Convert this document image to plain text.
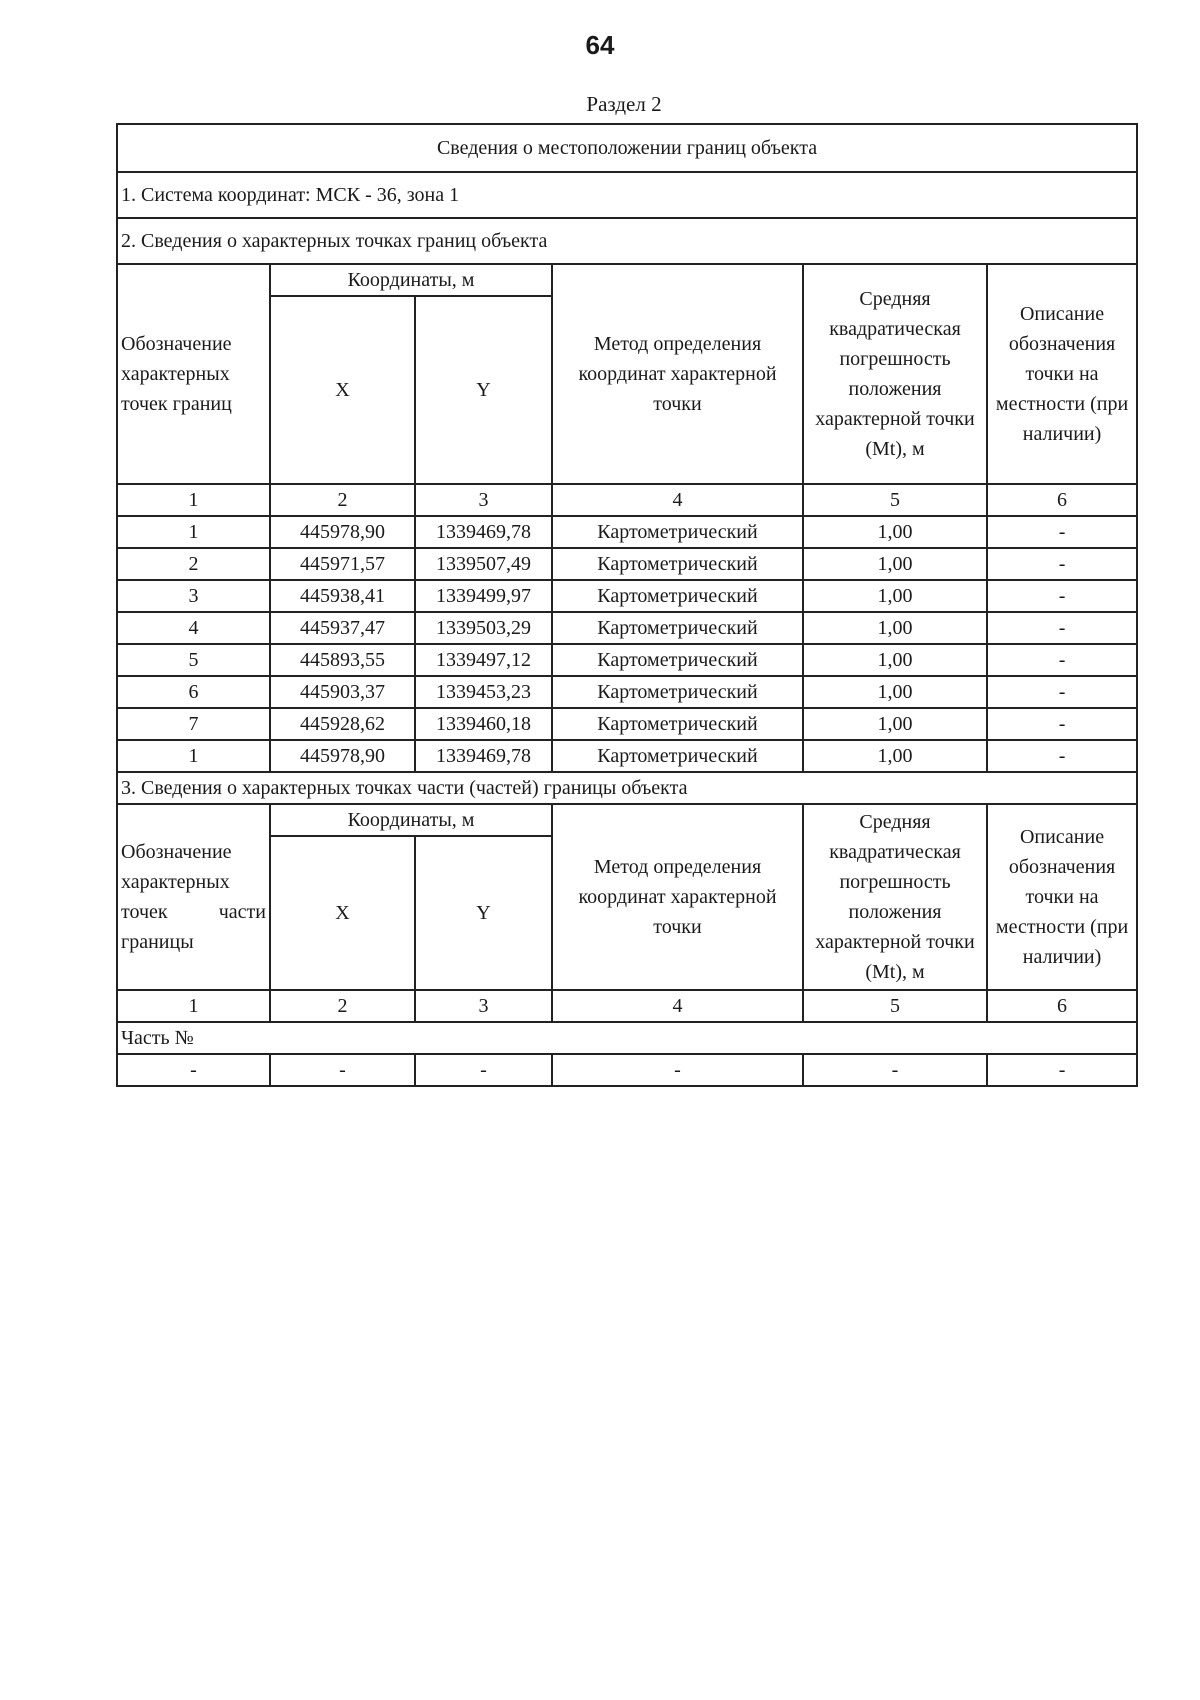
64
Раздел 2
Сведения о местоположении границ объекта					
1. Система координат: МСК - 36, зона 1					
2. Сведения о характерных точках границ объекта					
Обозначение характерных точек границ	Координаты, м		Метод определения координат характерной точки	Средняя квадратическая погрешность положения характерной точки (Mt), м	Описание обозначения точки на местности (при наличии)
	X	Y			
1	2	3	4	5	6
1	445978,90	1339469,78	Картометрический	1,00	-
2	445971,57	1339507,49	Картометрический	1,00	-
3	445938,41	1339499,97	Картометрический	1,00	-
4	445937,47	1339503,29	Картометрический	1,00	-
5	445893,55	1339497,12	Картометрический	1,00	-
6	445903,37	1339453,23	Картометрический	1,00	-
7	445928,62	1339460,18	Картометрический	1,00	-
1	445978,90	1339469,78	Картометрический	1,00	-
3. Сведения о характерных точках части (частей) границы объекта					
Обозначение характерных точек части границы	Координаты, м		Метод определения координат характерной точки	Средняя квадратическая погрешность положения характерной точки (Mt), м	Описание обозначения точки на местности (при наличии)
	X	Y			
1	2	3	4	5	6
Часть №					
-	-	-	-	-	-
